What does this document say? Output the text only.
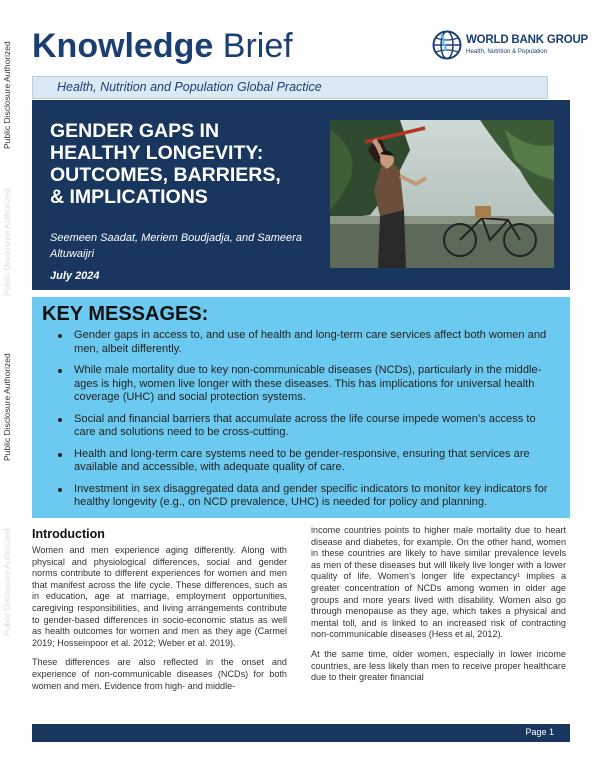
Public Disclosure Authorized
Public Disclosure Authorized
Public Disclosure Authorized
Public Disclosure Authorized
Knowledge Brief	WORLD BANK GROUP
Health, Nutrition & Population
Health, Nutrition and Population Global Practice
GENDER GAPS IN
HEALTHY LONGEVITY:
OUTCOMES, BARRIERS,
& IMPLICATIONS
Seemeen Saadat, Meriem Boudjadja, and Sameera Altuwaijri
July 2024
KEY MESSAGES:
Gender gaps in access to, and use of health and long-term care services affect both women and men, albeit differently.
While male mortality due to key non-communicable diseases (NCDs), particularly in the middle-ages is high, women live longer with these diseases. This has implications for universal health coverage (UHC) and social protection systems.
Social and financial barriers that accumulate across the life course impede women’s access to care and solutions need to be cross-cutting.
Health and long-term care systems need to be gender-responsive, ensuring that services are available and accessible, with adequate quality of care.
Investment in sex disaggregated data and gender specific indicators to monitor key indicators for healthy longevity (e.g., on NCD prevalence, UHC) is needed for policy and planning.
Introduction

Women and men experience aging differently. Along with physical and physiological differences, social and gender norms contribute to different experiences for women and men that manifest across the life cycle. These differences, such as in education, age at marriage, employment opportunities, caregiving responsibilities, and living arrangements contribute to gender-based differences in socio-economic status as well as health outcomes for women and men as they age (Carmel 2019; Hosseinpoor et al. 2012; Weber et al. 2019).

These differences are also reflected in the onset and experience of non-communicable diseases (NCDs) for both women and men. Evidence from high- and middle-

income countries points to higher male mortality due to heart disease and diabetes, for example. On the other hand, women in these countries are likely to have similar prevalence levels as men of these diseases but will likely live longer with a lower quality of life. Women’s longer life expectancy¹ implies a greater concentration of NCDs among women in older age groups and more years lived with disability. Women also go through menopause as they age, which takes a physical and mental toll, and is linked to an increased risk of contracting non-communicable diseases (Hess et al, 2012).

At the same time, older women, especially in lower income countries, are less likely than men to receive proper healthcare due to their greater financial

Page 1
